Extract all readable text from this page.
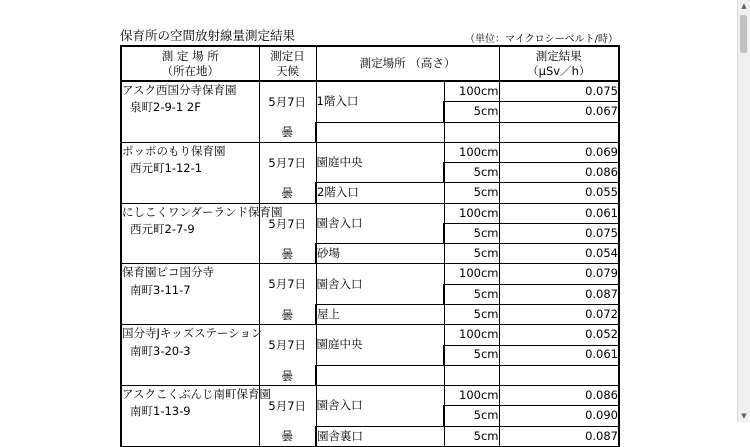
保育所の空間放射線量測定結果	（単位：マイクロシーベルト/時）
測 定 場 所
（所在地）	測定日
天候	測定場所 （高さ）		測定結果
（μSv／h）
アスク西国分寺保育園
泉町2-9-1 2F	5月7日
曇	1階入口	100cm	0.075
			5cm	0.067

ポッポのもり保育園
西元町1-12-1	5月7日
曇	園庭中央	100cm	0.069
			5cm	0.086
		2階入口	5cm	0.055
にしこくワンダーランド保育園
西元町2-7-9	5月7日
曇	園舎入口	100cm	0.061
			5cm	0.075
		砂場	5cm	0.054
保育園ピコ国分寺
南町3-11-7	5月7日
曇	園舎入口	100cm	0.079
			5cm	0.087
		屋上	5cm	0.072
国分寺Jキッズステーション
南町3-20-3	5月7日
曇	園庭中央	100cm	0.052
			5cm	0.061

アスクこくぶんじ南町保育園
南町1-13-9	5月7日
曇	園舎入口	100cm	0.086
			5cm	0.090
		園舎裏口	5cm	0.087
▲
▼
